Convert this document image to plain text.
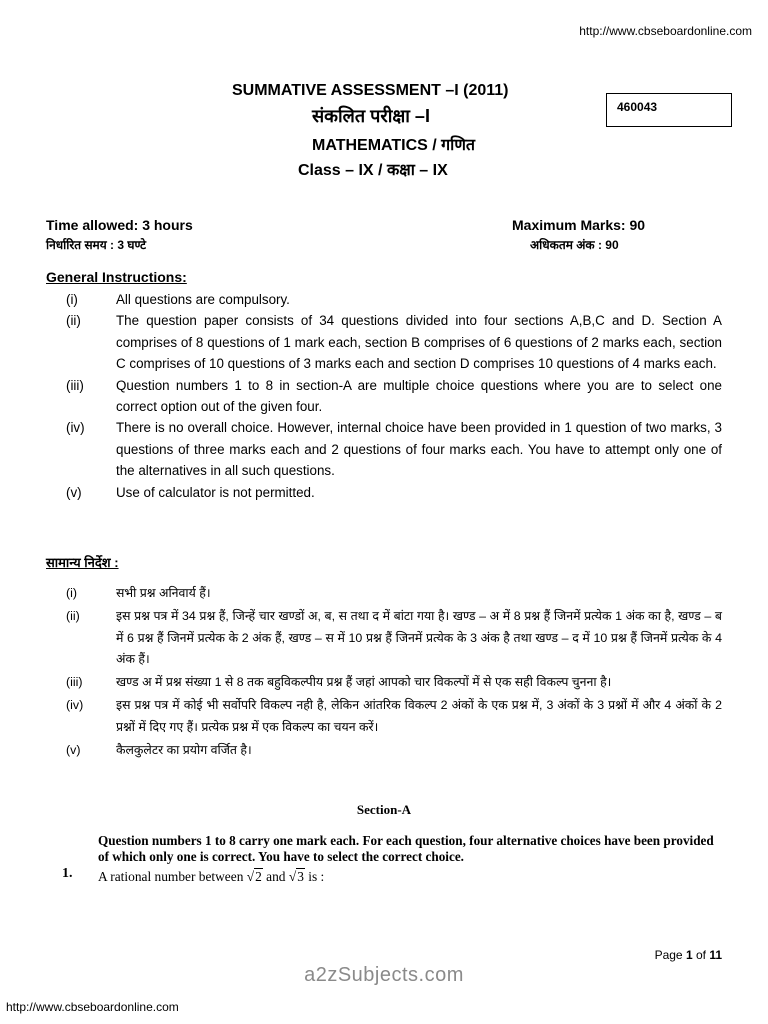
http://www.cbseboardonline.com
460043
SUMMATIVE ASSESSMENT –I (2011)
संकलित परीक्षा –I
MATHEMATICS / गणित
Class – IX / कक्षा – IX
Time allowed: 3 hours
निर्धारित समय : 3 घण्टे
Maximum Marks: 90
अधिकतम अंक : 90
General Instructions:
(i)	All questions are compulsory.
(ii)	The question paper consists of 34 questions divided into four sections A,B,C and D. Section A comprises of 8 questions of 1 mark each, section B comprises of 6 questions of 2 marks each, section C comprises of 10 questions of 3 marks each and section D comprises 10 questions of 4 marks each.
(iii)	Question numbers 1 to 8 in section-A are multiple choice questions where you are to select one correct option out of the given four.
(iv)	There is no overall choice. However, internal choice have been provided in 1 question of two marks, 3 questions of three marks each and 2 questions of four marks each. You have to attempt only one of the alternatives in all such questions.
(v)	Use of calculator is not permitted.
सामान्य निर्देश :
(i)	सभी प्रश्न अनिवार्य हैं।
(ii)	इस प्रश्न पत्र में 34 प्रश्न हैं, जिन्हें चार खण्डों अ, ब, स तथा द में बांटा गया है। खण्ड – अ में 8 प्रश्न हैं जिनमें प्रत्येक 1 अंक का है, खण्ड – ब में 6 प्रश्न हैं जिनमें प्रत्येक के 2 अंक हैं, खण्ड – स में 10 प्रश्न हैं जिनमें प्रत्येक के 3 अंक है तथा खण्ड – द में 10 प्रश्न हैं जिनमें प्रत्येक के 4 अंक हैं।
(iii)	खण्ड अ में प्रश्न संख्या 1 से 8 तक बहुविकल्पीय प्रश्न हैं जहां आपको चार विकल्पों में से एक सही विकल्प चुनना है।
(iv)	इस प्रश्न पत्र में कोई भी सर्वोपरि विकल्प नही है, लेकिन आंतरिक विकल्प 2 अंकों के एक प्रश्न में, 3 अंकों के 3 प्रश्नों में और 4 अंकों के 2 प्रश्नों में दिए गए हैं। प्रत्येक प्रश्न में एक विकल्प का चयन करें।
(v)	कैलकुलेटर का प्रयोग वर्जित है।
Section-A
Question numbers 1 to 8 carry one mark each. For each question, four alternative choices have been provided of which only one is correct. You have to select the correct choice.
1. A rational number between √2 and √3 is :
Page 1 of 11
a2zSubjects.com
http://www.cbseboardonline.com
